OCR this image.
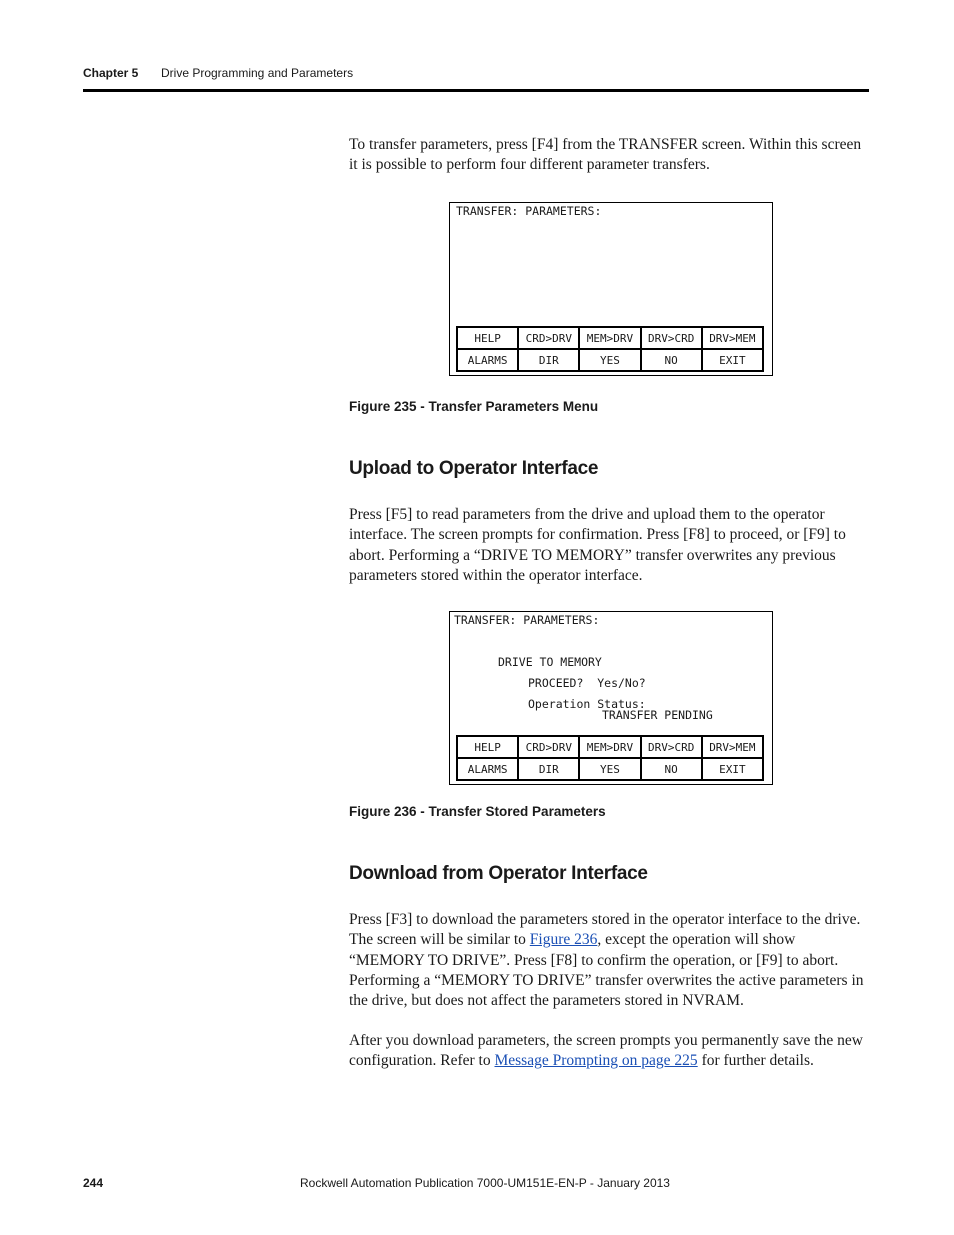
Chapter 5 Drive Programming and Parameters

To transfer parameters, press [F4] from the TRANSFER screen. Within this screen it is possible to perform four different parameter transfers.

TRANSFER: PARAMETERS:
HELP	CRD>DRV	MEM>DRV	DRV>CRD	DRV>MEM
ALARMS	DIR	YES	NO	EXIT

Figure 235 - Transfer Parameters Menu

Upload to Operator Interface

Press [F5] to read parameters from the drive and upload them to the operator interface. The screen prompts for confirmation. Press [F8] to proceed, or [F9] to abort. Performing a “DRIVE TO MEMORY” transfer overwrites any previous parameters stored within the operator interface.

TRANSFER: PARAMETERS:
DRIVE TO MEMORY
PROCEED?  Yes/No?
Operation Status:
TRANSFER PENDING
HELP	CRD>DRV	MEM>DRV	DRV>CRD	DRV>MEM
ALARMS	DIR	YES	NO	EXIT

Figure 236 - Transfer Stored Parameters

Download from Operator Interface

Press [F3] to download the parameters stored in the operator interface to the drive. The screen will be similar to Figure 236, except the operation will show “MEMORY TO DRIVE”. Press [F8] to confirm the operation, or [F9] to abort. Performing a “MEMORY TO DRIVE” transfer overwrites the active parameters in the drive, but does not affect the parameters stored in NVRAM.

After you download parameters, the screen prompts you permanently save the new configuration. Refer to Message Prompting on page 225 for further details.

244	Rockwell Automation Publication 7000-UM151E-EN-P - January 2013
